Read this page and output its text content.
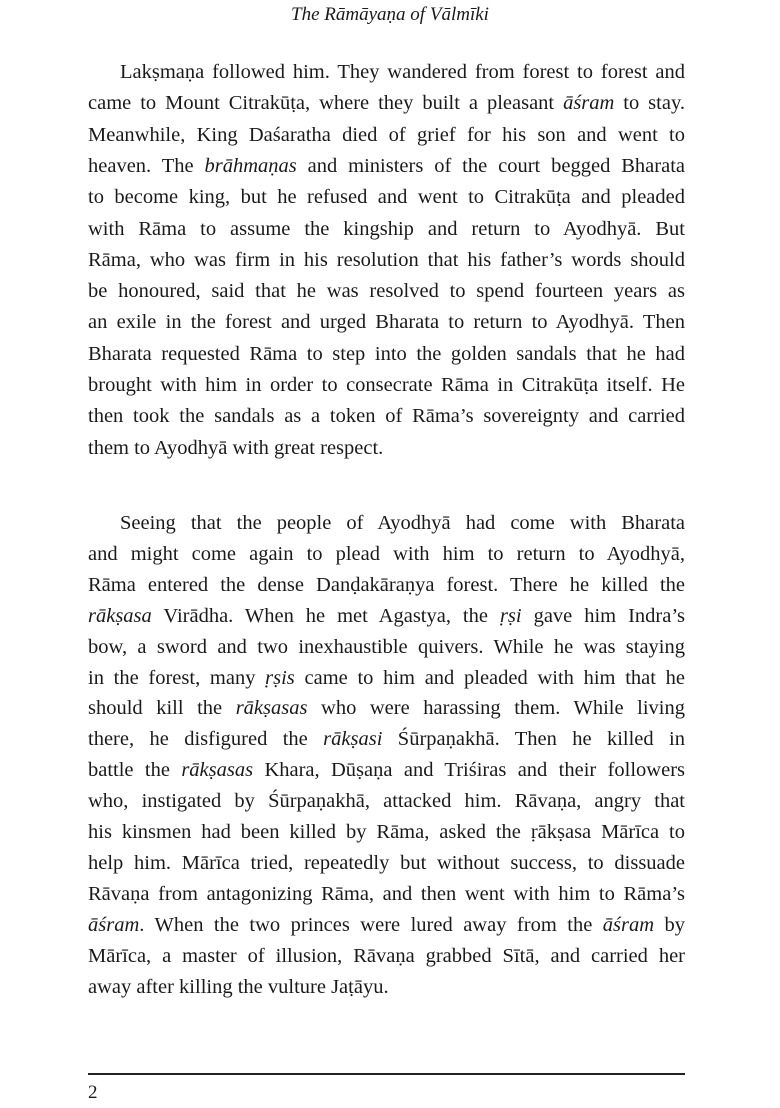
The Rāmāyaṇa of Vālmīki
Lakṣmaṇa followed him. They wandered from forest to forest and
came to Mount Citrakūṭa, where they built a pleasant āśram to stay.
Meanwhile, King Daśaratha died of grief for his son and went to
heaven. The brāhmaṇas and ministers of the court begged Bharata
to become king, but he refused and went to Citrakūṭa and pleaded
with Rāma to assume the kingship and return to Ayodhyā. But
Rāma, who was firm in his resolution that his father’s words should
be honoured, said that he was resolved to spend fourteen years as
an exile in the forest and urged Bharata to return to Ayodhyā. Then
Bharata requested Rāma to step into the golden sandals that he had
brought with him in order to consecrate Rāma in Citrakūṭa itself. He
then took the sandals as a token of Rāma’s sovereignty and carried
them to Ayodhyā with great respect.
Seeing that the people of Ayodhyā had come with Bharata
and might come again to plead with him to return to Ayodhyā,
Rāma entered the dense Danḍakāraṇya forest. There he killed the
rākṣasa Virādha. When he met Agastya, the ṛṣi gave him Indra’s
bow, a sword and two inexhaustible quivers. While he was staying
in the forest, many ṛṣis came to him and pleaded with him that he
should kill the rākṣasas who were harassing them. While living
there, he disfigured the rākṣasi Śūrpaṇakhā. Then he killed in
battle the rākṣasas Khara, Dūṣaṇa and Triśiras and their followers
who, instigated by Śūrpaṇakhā, attacked him. Rāvaṇa, angry that
his kinsmen had been killed by Rāma, asked the ṛākṣasa Mārīca to
help him. Mārīca tried, repeatedly but without success, to dissuade
Rāvaṇa from antagonizing Rāma, and then went with him to Rāma’s
āśram. When the two princes were lured away from the āśram by
Mārīca, a master of illusion, Rāvaṇa grabbed Sītā, and carried her
away after killing the vulture Jaṭāyu.
2
